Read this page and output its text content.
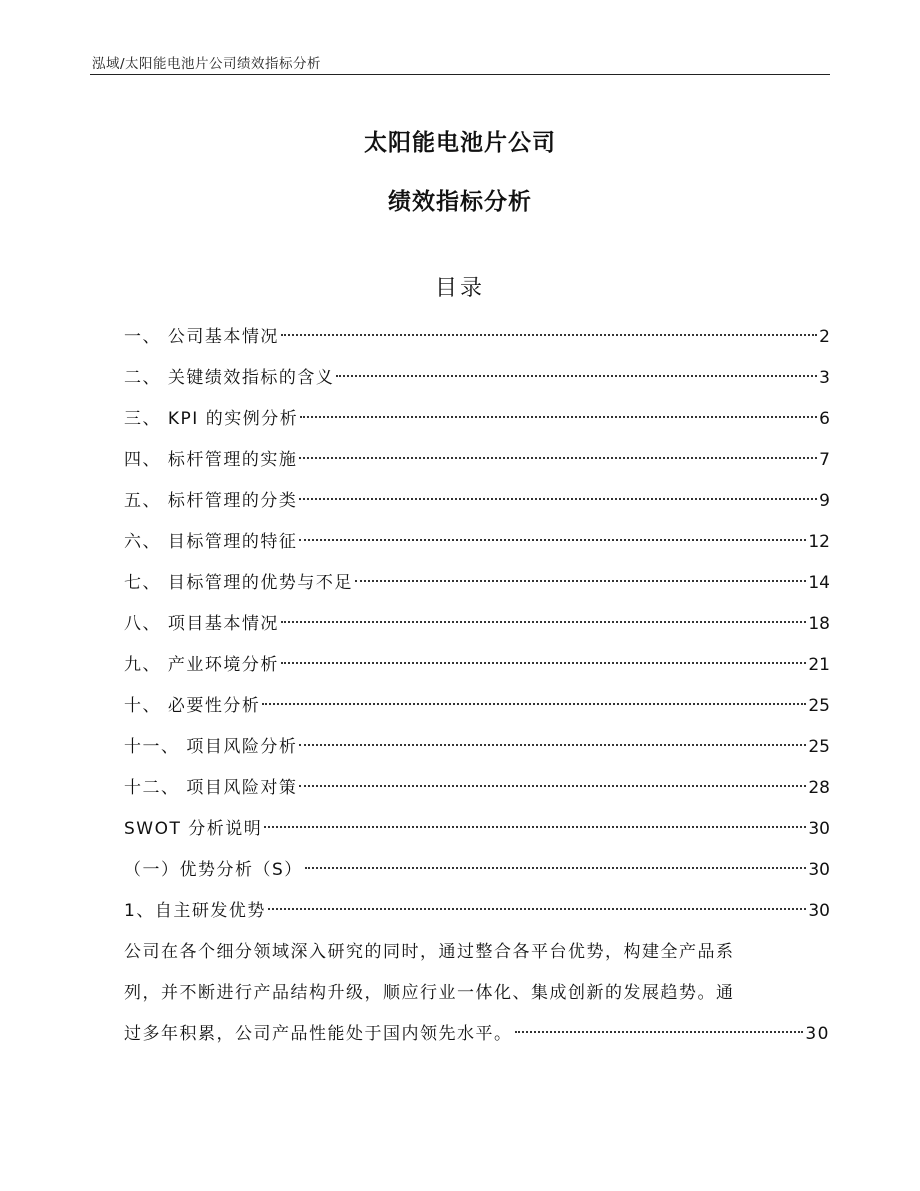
泓域/太阳能电池片公司绩效指标分析
太阳能电池片公司
绩效指标分析
目录
一、 公司基本情况	2
二、 关键绩效指标的含义	3
三、 KPI 的实例分析	6
四、 标杆管理的实施	7
五、 标杆管理的分类	9
六、 目标管理的特征	12
七、 目标管理的优势与不足	14
八、 项目基本情况	18
九、 产业环境分析	21
十、 必要性分析	25
十一、 项目风险分析	25
十二、 项目风险对策	28
SWOT 分析说明	30
（一）优势分析（S）	30
1、自主研发优势	30
公司在各个细分领域深入研究的同时，通过整合各平台优势，构建全产品系
列，并不断进行产品结构升级，顺应行业一体化、集成创新的发展趋势。通
过多年积累，公司产品性能处于国内领先水平。	30
